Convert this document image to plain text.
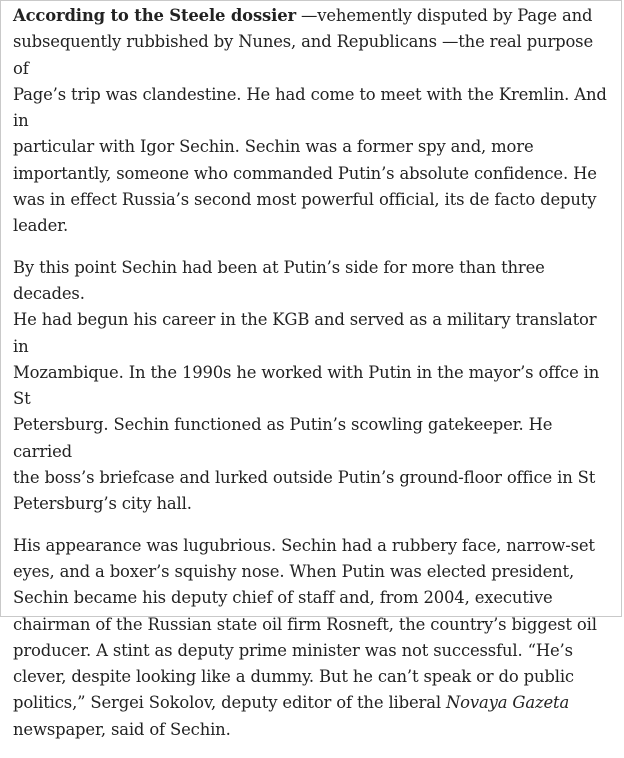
According to the Steele dossier —vehemently disputed by Page and
subsequently rubbished by Nunes, and Republicans —the real purpose of
Page’s trip was clandestine. He had come to meet with the Kremlin. And in
particular with Igor Sechin. Sechin was a former spy and, more
importantly, someone who commanded Putin’s absolute confidence. He
was in effect Russia’s second most powerful official, its de facto deputy
leader.

By this point Sechin had been at Putin’s side for more than three decades.
He had begun his career in the KGB and served as a military translator in
Mozambique. In the 1990s he worked with Putin in the mayor’s offce in St
Petersburg. Sechin functioned as Putin’s scowling gatekeeper. He carried
the boss’s briefcase and lurked outside Putin’s ground-floor office in St
Petersburg’s city hall.

His appearance was lugubrious. Sechin had a rubbery face, narrow-set
eyes, and a boxer’s squishy nose. When Putin was elected president,
Sechin became his deputy chief of staff and, from 2004, executive
chairman of the Russian state oil firm Rosneft, the country’s biggest oil
producer. A stint as deputy prime minister was not successful. “He’s
clever, despite looking like a dummy. But he can’t speak or do public
politics,” Sergei Sokolov, deputy editor of the liberal Novaya Gazeta
newspaper, said of Sechin.
